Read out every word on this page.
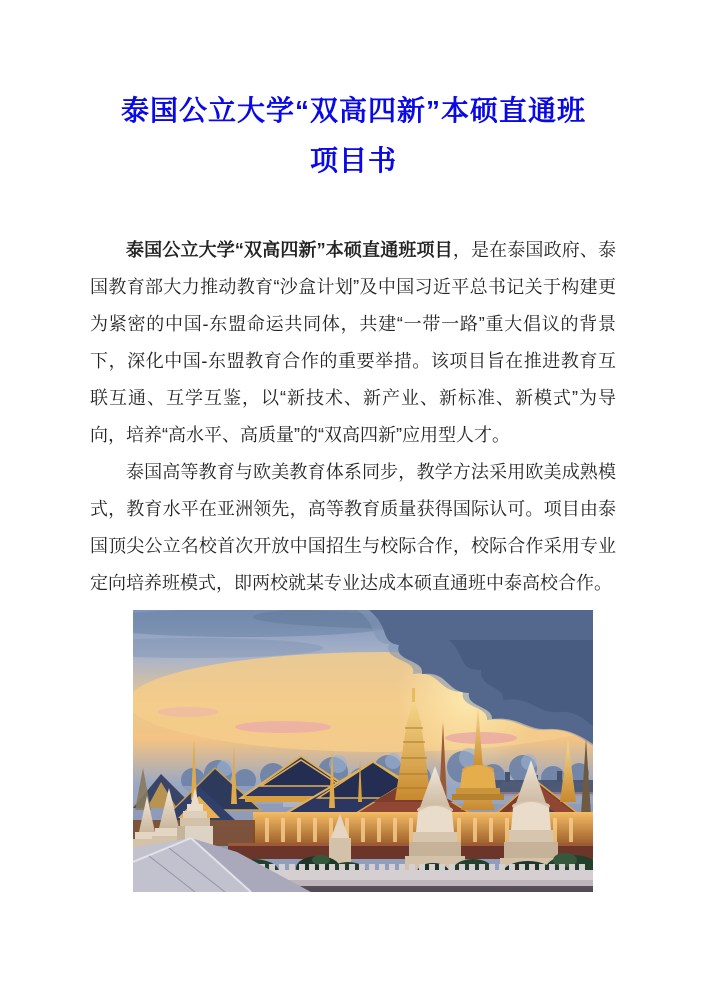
泰国公立大学“双高四新”本硕直通班
项目书

泰国公立大学“双高四新”本硕直通班项目，是在泰国政府、泰国教育部大力推动教育“沙盒计划”及中国习近平总书记关于构建更为紧密的中国-东盟命运共同体，共建“一带一路”重大倡议的背景下，深化中国-东盟教育合作的重要举措。该项目旨在推进教育互联互通、互学互鉴，以“新技术、新产业、新标准、新模式”为导向，培养“高水平、高质量”的“双高四新”应用型人才。

泰国高等教育与欧美教育体系同步，教学方法采用欧美成熟模式，教育水平在亚洲领先，高等教育质量获得国际认可。项目由泰国顶尖公立名校首次开放中国招生与校际合作，校际合作采用专业定向培养班模式，即两校就某专业达成本硕直通班中泰高校合作。
